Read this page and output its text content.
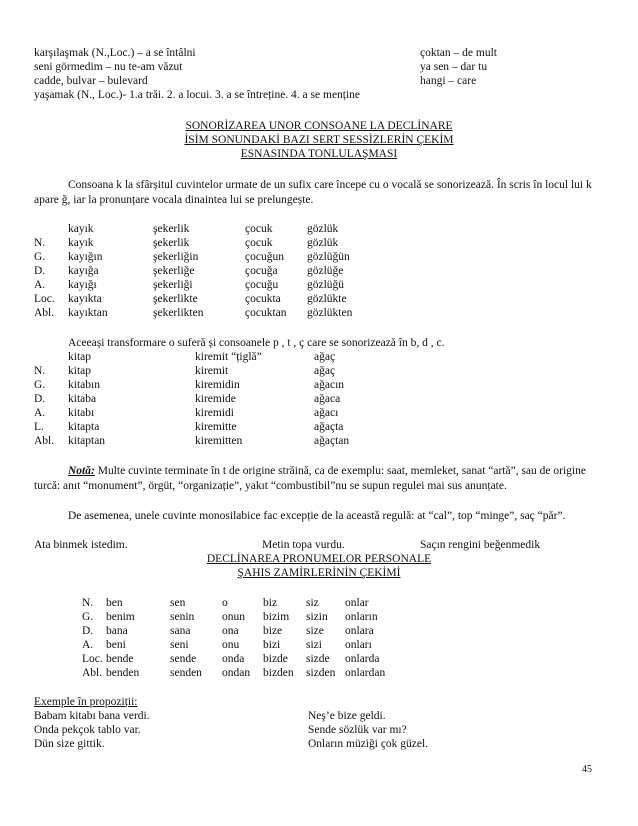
karşılaşmak (N.,Loc.) – a se întâlni
seni görmedim – nu te-am văzut
cadde, bulvar – bulevard
yaşamak (N., Loc.)- 1.a trăi. 2. a locui. 3. a se întreține. 4. a se menține
çoktan – de mult
ya sen – dar tu
hangi – care
SONORİZAREA UNOR CONSOANE LA DECLİNARE
İSİM SONUNDAKİ BAZI SERT SESSİZLERİN ÇEKİM
ESNASINDA TONLULAŞMASI
Consoana k la sfârșitul cuvintelor urmate de un sufix care începe cu o vocală se sonorizează. În scris în locul lui k apare ğ, iar la pronunțare vocala dinaintea lui se prelungește.
kayık	şekerlik	çocuk	gözlük
N. kayık	şekerlik	çocuk	gözlük
G. kayığın	şekerliğin	çocuğun gözlüğün
D. kayığa	şekerliğe	çocuğa	gözlüğe
A. kayığı	şekerliği	çocuğu	gözlüğü
Loc. kayıkta	şekerlikte	çocukta gözlükte
Abl. kayıktan	şekerlikten	çocuktan gözlükten
Aceeași transformare o suferă și consoanele p , t , ç care se sonorizează în b, d , c.
kitap	kiremit “țiglă”	ağaç
N. kitap	kiremit	ağaç
G. kitabın	kiremidin	ağacın
D. kitaba	kiremide	ağaca
A. kitabı	kiremidi	ağacı
L. kitapta	kiremitte	ağaçta
Abl. kitaptan	kiremitten	ağaçtan
Notă: Multe cuvinte terminate în t de origine străină, ca de exemplu: saat, memleket, sanat “artă”, sau de origine turcă: anıt “monument”, örgüt, “organizație”, yakıt “combustibil”nu se supun regulei mai sus anunțate.
De asemenea, unele cuvinte monosilabice fac excepție de la această regulă: at “cal”, top “minge”, saç “păr”.
Ata binmek istedim.	Metin topa vurdu.	Saçın rengini beğenmedik
DECLİNAREA PRONUMELOR PERSONALE
ŞAHIS ZAMİRLERİNİN ÇEKİMİ
N. ben	sen	o	biz	siz onlar
G. benim	senin onun bizim sizin onların
D. bana	sana	ona bize size onlara
A. beni	seni	onu bizi sizi onları
Loc. bende	sende onda bizde sizde onlarda
Abl. benden	senden ondan bizden sizden onlardan
Exemple în propoziții:
Babam kitabı bana verdi.
Onda pekçok tablo var.
Dün size gittik.
Neş’e bize geldi.
Sende sözlük var mı?
Onların müziği çok güzel.
45
